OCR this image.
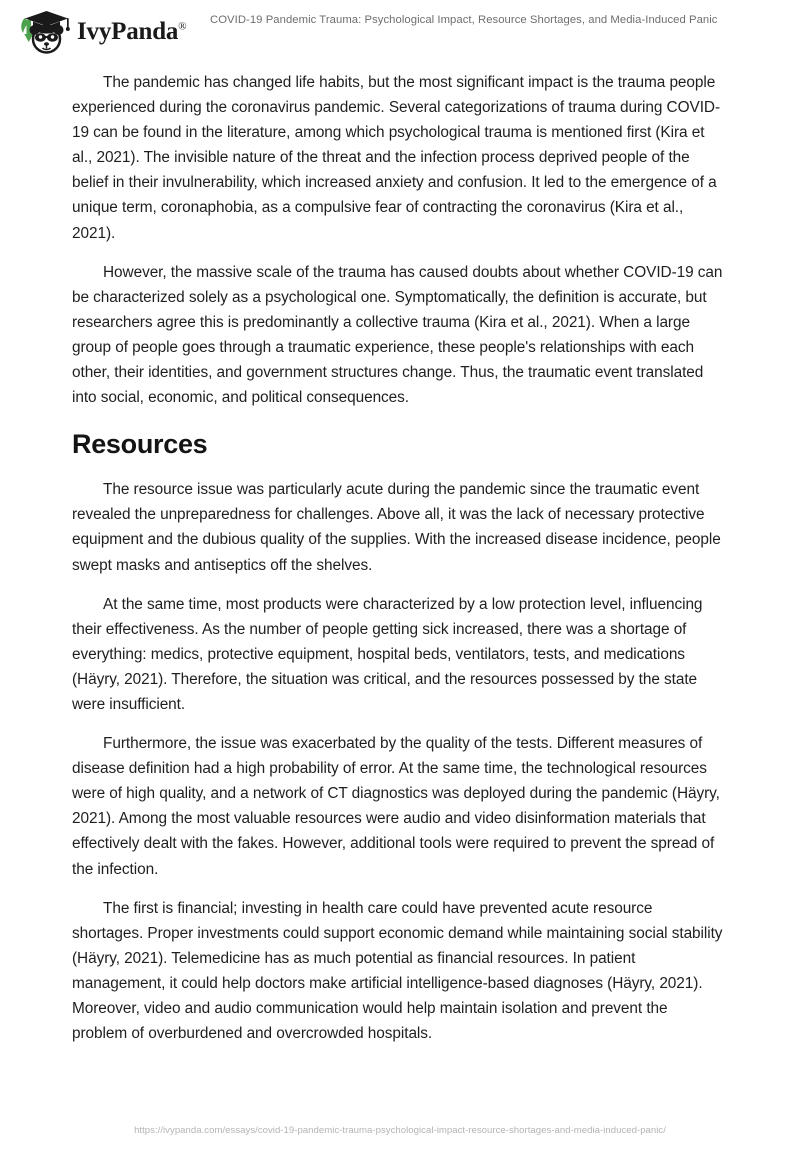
IvyPanda®
COVID-19 Pandemic Trauma: Psychological Impact, Resource Shortages, and Media-Induced Panic

The pandemic has changed life habits, but the most significant impact is the trauma people experienced during the coronavirus pandemic. Several categorizations of trauma during COVID-19 can be found in the literature, among which psychological trauma is mentioned first (Kira et al., 2021). The invisible nature of the threat and the infection process deprived people of the belief in their invulnerability, which increased anxiety and confusion. It led to the emergence of a unique term, coronaphobia, as a compulsive fear of contracting the coronavirus (Kira et al., 2021).

However, the massive scale of the trauma has caused doubts about whether COVID-19 can be characterized solely as a psychological one. Symptomatically, the definition is accurate, but researchers agree this is predominantly a collective trauma (Kira et al., 2021). When a large group of people goes through a traumatic experience, these people's relationships with each other, their identities, and government structures change. Thus, the traumatic event translated into social, economic, and political consequences.

Resources

The resource issue was particularly acute during the pandemic since the traumatic event revealed the unpreparedness for challenges. Above all, it was the lack of necessary protective equipment and the dubious quality of the supplies. With the increased disease incidence, people swept masks and antiseptics off the shelves.

At the same time, most products were characterized by a low protection level, influencing their effectiveness. As the number of people getting sick increased, there was a shortage of everything: medics, protective equipment, hospital beds, ventilators, tests, and medications (Häyry, 2021). Therefore, the situation was critical, and the resources possessed by the state were insufficient.

Furthermore, the issue was exacerbated by the quality of the tests. Different measures of disease definition had a high probability of error. At the same time, the technological resources were of high quality, and a network of CT diagnostics was deployed during the pandemic (Häyry, 2021). Among the most valuable resources were audio and video disinformation materials that effectively dealt with the fakes. However, additional tools were required to prevent the spread of the infection.

The first is financial; investing in health care could have prevented acute resource shortages. Proper investments could support economic demand while maintaining social stability (Häyry, 2021). Telemedicine has as much potential as financial resources. In patient management, it could help doctors make artificial intelligence-based diagnoses (Häyry, 2021). Moreover, video and audio communication would help maintain isolation and prevent the problem of overburdened and overcrowded hospitals.

https://ivypanda.com/essays/covid-19-pandemic-trauma-psychological-impact-resource-shortages-and-media-induced-panic/
